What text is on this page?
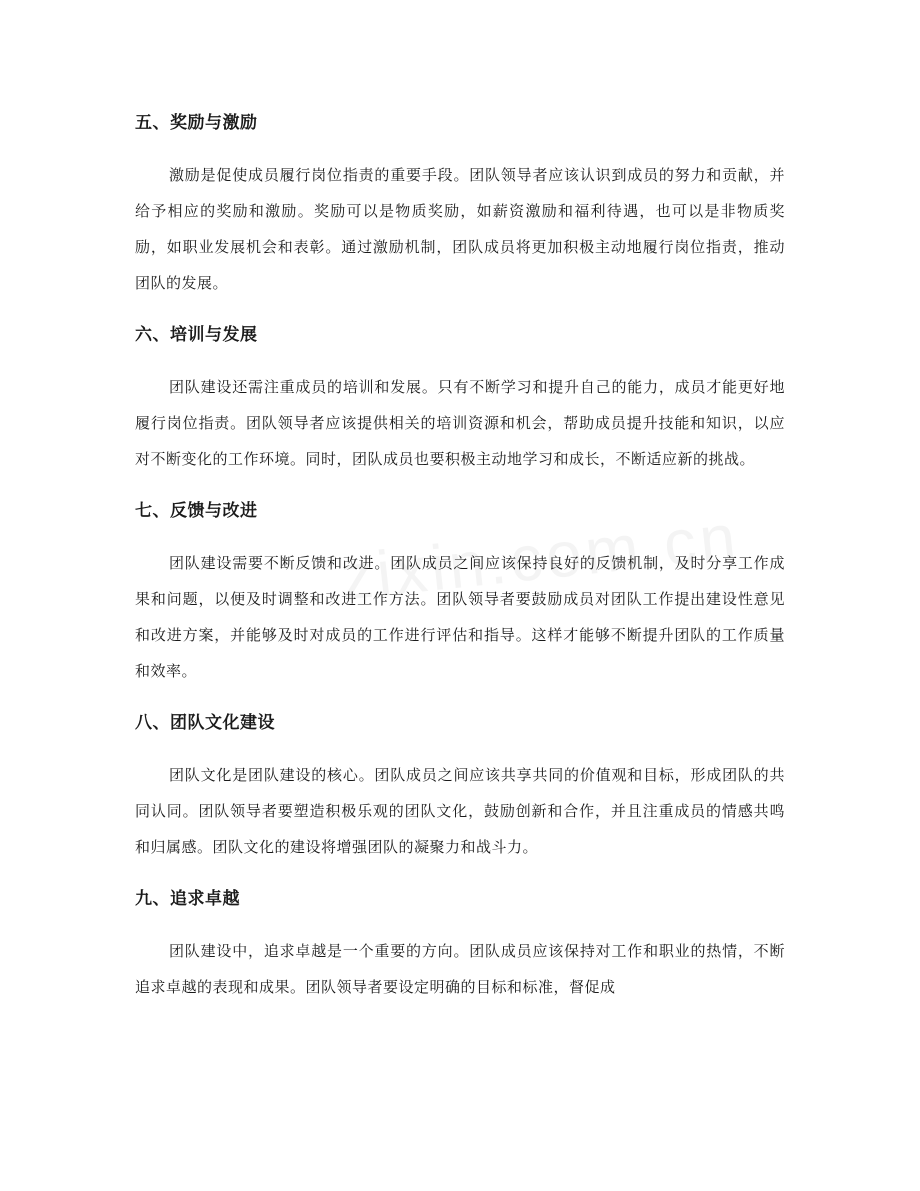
五、奖励与激励

激励是促使成员履行岗位指责的重要手段。团队领导者应该认识到成员的努力和贡献，并给予相应的奖励和激励。奖励可以是物质奖励，如薪资激励和福利待遇，也可以是非物质奖励，如职业发展机会和表彰。通过激励机制，团队成员将更加积极主动地履行岗位指责，推动团队的发展。

六、培训与发展

团队建设还需注重成员的培训和发展。只有不断学习和提升自己的能力，成员才能更好地履行岗位指责。团队领导者应该提供相关的培训资源和机会，帮助成员提升技能和知识，以应对不断变化的工作环境。同时，团队成员也要积极主动地学习和成长，不断适应新的挑战。

七、反馈与改进

团队建设需要不断反馈和改进。团队成员之间应该保持良好的反馈机制，及时分享工作成果和问题，以便及时调整和改进工作方法。团队领导者要鼓励成员对团队工作提出建设性意见和改进方案，并能够及时对成员的工作进行评估和指导。这样才能够不断提升团队的工作质量和效率。

八、团队文化建设

团队文化是团队建设的核心。团队成员之间应该共享共同的价值观和目标，形成团队的共同认同。团队领导者要塑造积极乐观的团队文化，鼓励创新和合作，并且注重成员的情感共鸣和归属感。团队文化的建设将增强团队的凝聚力和战斗力。

九、追求卓越

团队建设中，追求卓越是一个重要的方向。团队成员应该保持对工作和职业的热情，不断追求卓越的表现和成果。团队领导者要设定明确的目标和标准，督促成
